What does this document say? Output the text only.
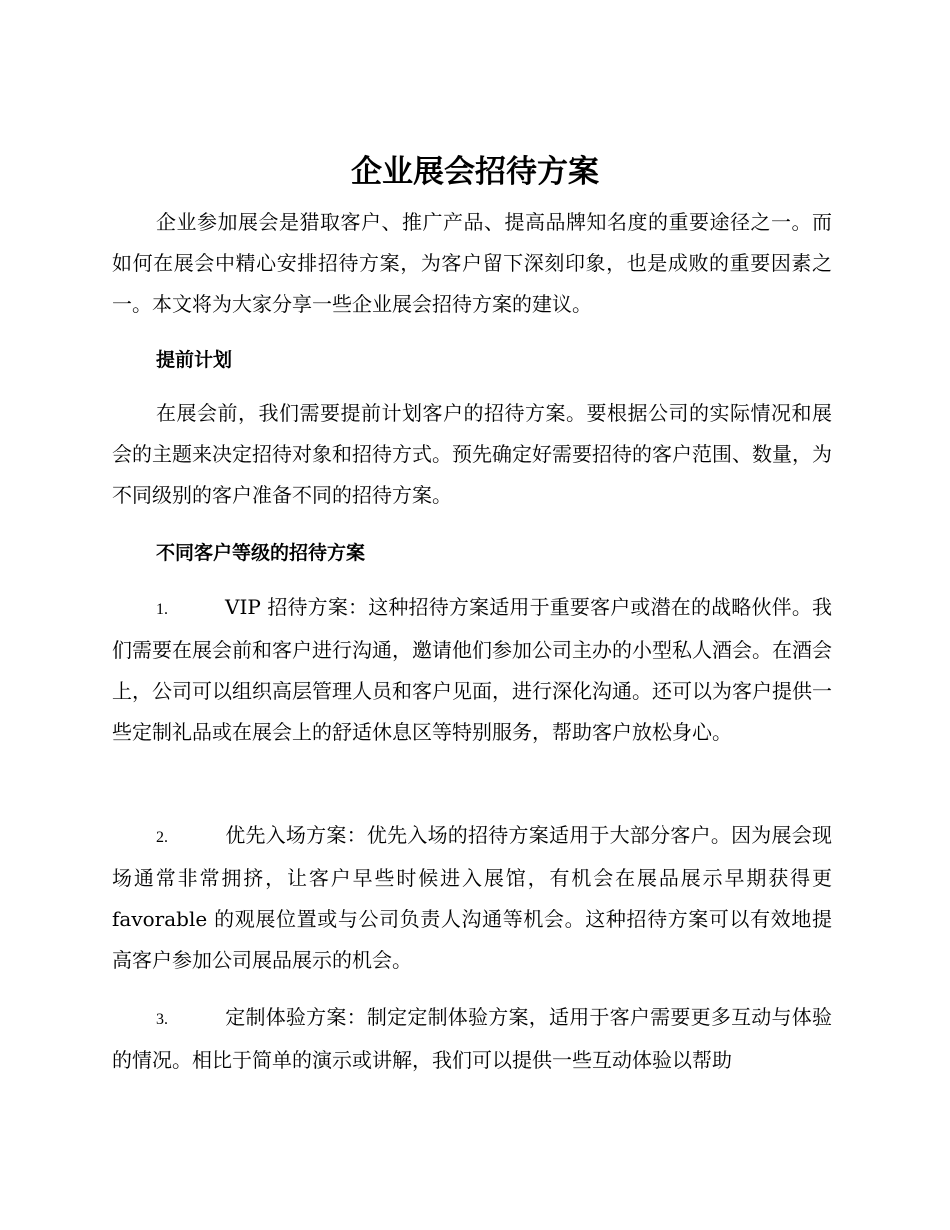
企业展会招待方案

企业参加展会是猎取客户、推广产品、提高品牌知名度的重要途径之一。而如何在展会中精心安排招待方案，为客户留下深刻印象，也是成败的重要因素之一。本文将为大家分享一些企业展会招待方案的建议。

提前计划

在展会前，我们需要提前计划客户的招待方案。要根据公司的实际情况和展会的主题来决定招待对象和招待方式。预先确定好需要招待的客户范围、数量，为不同级别的客户准备不同的招待方案。

不同客户等级的招待方案

1.	VIP 招待方案：这种招待方案适用于重要客户或潜在的战略伙伴。我们需要在展会前和客户进行沟通，邀请他们参加公司主办的小型私人酒会。在酒会上，公司可以组织高层管理人员和客户见面，进行深化沟通。还可以为客户提供一些定制礼品或在展会上的舒适休息区等特别服务，帮助客户放松身心。

2.	优先入场方案：优先入场的招待方案适用于大部分客户。因为展会现场通常非常拥挤，让客户早些时候进入展馆，有机会在展品展示早期获得更 favorable 的观展位置或与公司负责人沟通等机会。这种招待方案可以有效地提高客户参加公司展品展示的机会。

3.	定制体验方案：制定定制体验方案，适用于客户需要更多互动与体验的情况。相比于简单的演示或讲解，我们可以提供一些互动体验以帮助
